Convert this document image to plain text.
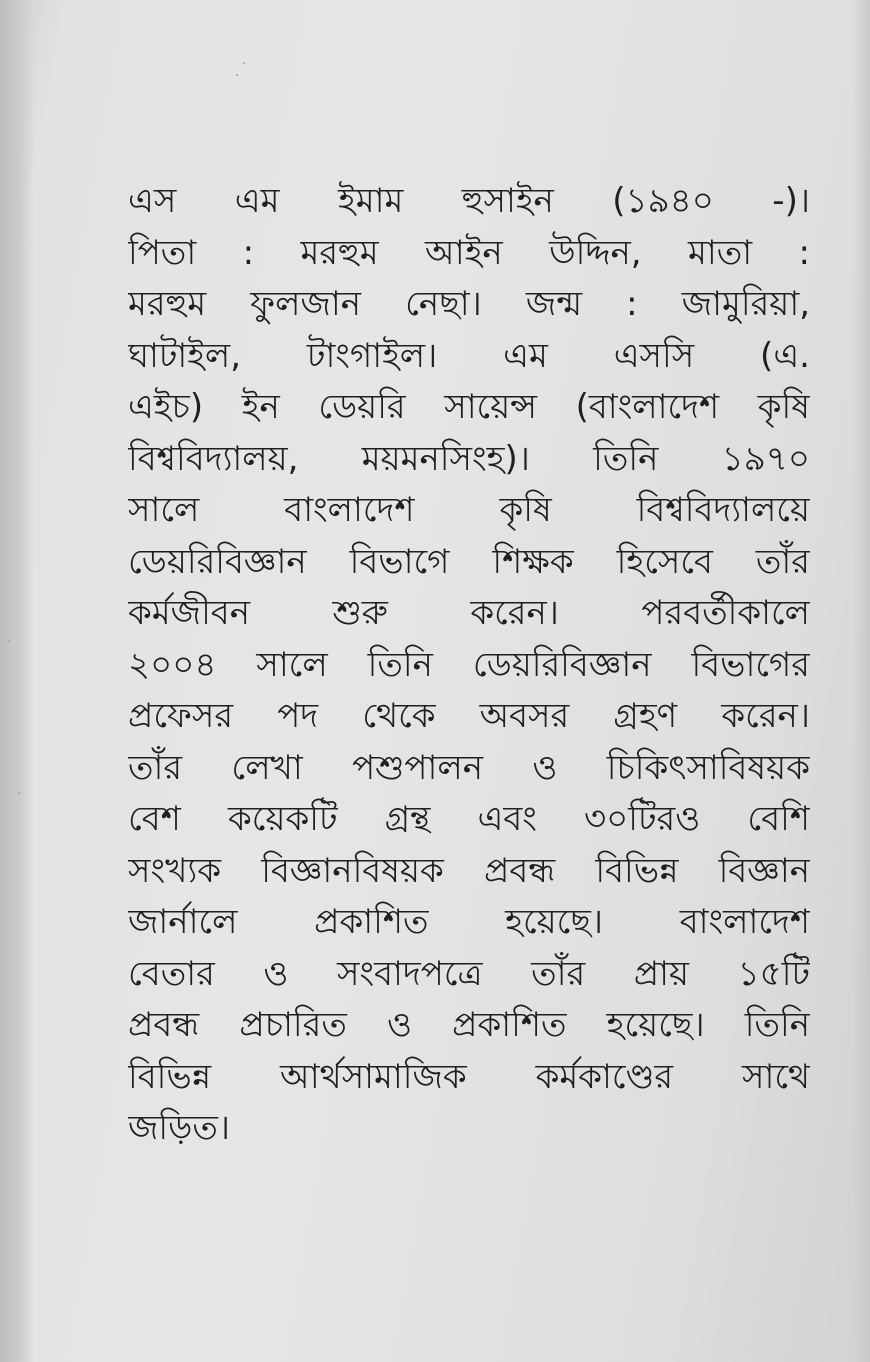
এস এম ইমাম হুসাইন (১৯৪০ -)।
পিতা : মরহুম আইন উদ্দিন, মাতা :
মরহুম ফুলজান নেছা। জন্ম : জামুরিয়া,
ঘাটাইল, টাংগাইল। এম এসসি (এ.
এইচ) ইন ডেয়রি সায়েন্স (বাংলাদেশ কৃষি
বিশ্ববিদ্যালয়, ময়মনসিংহ)। তিনি ১৯৭০
সালে বাংলাদেশ কৃষি বিশ্ববিদ্যালয়ে
ডেয়রিবিজ্ঞান বিভাগে শিক্ষক হিসেবে তাঁর
কর্মজীবন শুরু করেন। পরবর্তীকালে
২০০৪ সালে তিনি ডেয়রিবিজ্ঞান বিভাগের
প্রফেসর পদ থেকে অবসর গ্রহণ করেন।
তাঁর লেখা পশুপালন ও চিকিৎসাবিষয়ক
বেশ কয়েকটি গ্রন্থ এবং ৩০টিরও বেশি
সংখ্যক বিজ্ঞানবিষয়ক প্রবন্ধ বিভিন্ন বিজ্ঞান
জার্নালে প্রকাশিত হয়েছে। বাংলাদেশ
বেতার ও সংবাদপত্রে তাঁর প্রায় ১৫টি
প্রবন্ধ প্রচারিত ও প্রকাশিত হয়েছে। তিনি
বিভিন্ন আর্থসামাজিক কর্মকাণ্ডের সাথে
জড়িত।
